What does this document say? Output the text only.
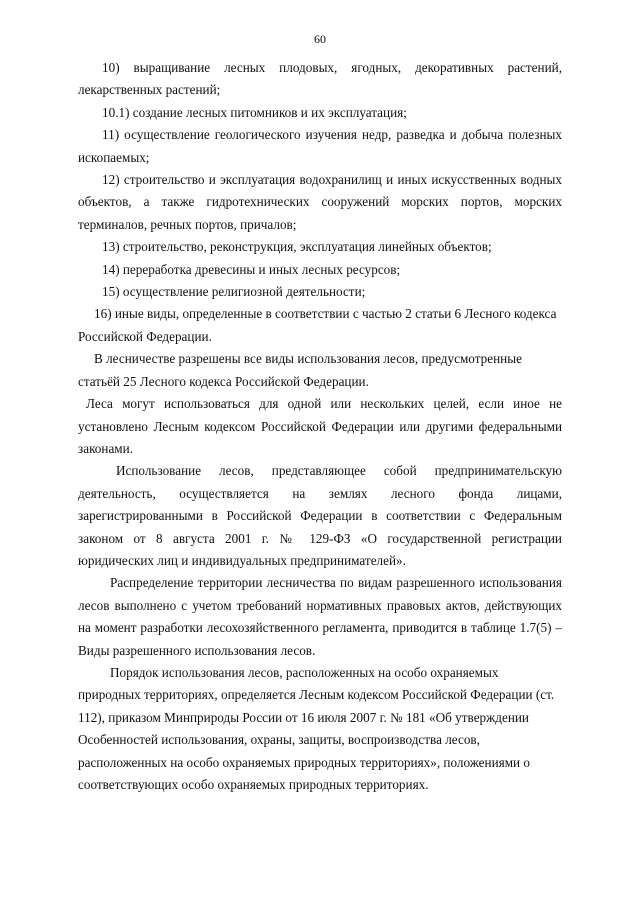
60

10) выращивание лесных плодовых, ягодных, декоративных растений, лекарственных растений;

10.1) создание лесных питомников и их эксплуатация;

11) осуществление геологического изучения недр, разведка и добыча полезных ископаемых;

12) строительство и эксплуатация водохранилищ и иных искусственных водных объектов, а также гидротехнических сооружений морских портов, морских терминалов, речных портов, причалов;

13) строительство, реконструкция, эксплуатация линейных объектов;

14) переработка древесины и иных лесных ресурсов;

15) осуществление религиозной деятельности;

16) иные виды, определенные в соответствии с частью 2 статьи 6 Лесного кодекса Российской Федерации.

В лесничестве разрешены все виды использования лесов, предусмотренные статьёй 25 Лесного кодекса Российской Федерации.

Леса могут использоваться для одной или нескольких целей, если иное не установлено Лесным кодексом Российской Федерации или другими федеральными законами.

Использование лесов, представляющее собой предпринимательскую деятельность, осуществляется на землях лесного фонда лицами, зарегистрированными в Российской Федерации в соответствии с Федеральным законом от 8 августа 2001 г. № 129-ФЗ «О государственной регистрации юридических лиц и индивидуальных предпринимателей».

Распределение территории лесничества по видам разрешенного использования лесов выполнено с учетом требований нормативных правовых актов, действующих на момент разработки лесохозяйственного регламента, приводится в таблице 1.7(5) – Виды разрешенного использования лесов.

Порядок использования лесов, расположенных на особо охраняемых природных территориях, определяется Лесным кодексом Российской Федерации (ст. 112), приказом Минприроды России от 16 июля 2007 г. № 181 «Об утверждении Особенностей использования, охраны, защиты, воспроизводства лесов, расположенных на особо охраняемых природных территориях», положениями о соответствующих особо охраняемых природных территориях.
